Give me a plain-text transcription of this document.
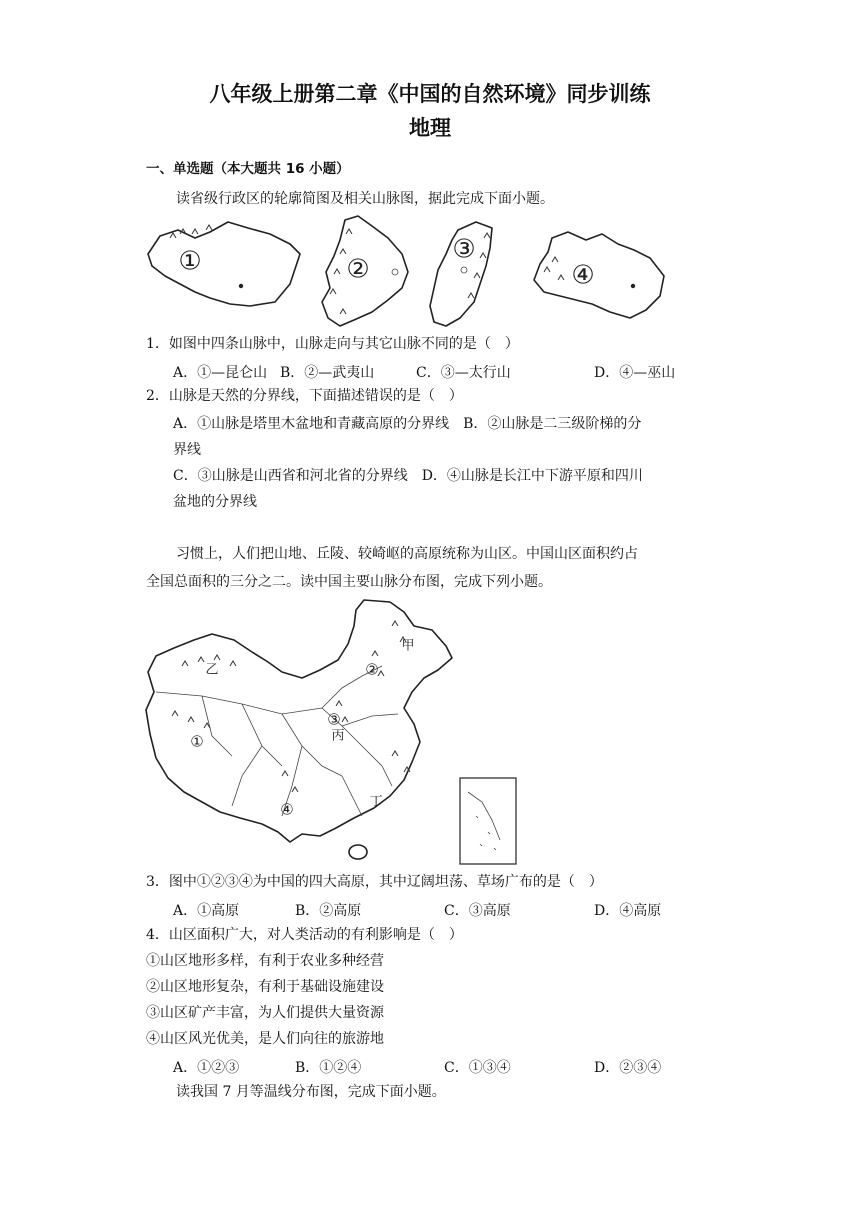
八年级上册第二章《中国的自然环境》同步训练
地理
一、单选题（本大题共 16 小题）
读省级行政区的轮廓简图及相关山脉图，据此完成下面小题。
①	②
③
④
1．如图中四条山脉中，山脉走向与其它山脉不同的是（　）
A．①—昆仑山 B．②—武夷山	C．③—太行山	D．④—巫山
2．山脉是天然的分界线，下面描述错误的是（　）
A．①山脉是塔里木盆地和青藏高原的分界线　B．②山脉是二三级阶梯的分
界线
C．③山脉是山西省和河北省的分界线　D．④山脉是长江中下游平原和四川
盆地的分界线
习惯上，人们把山地、丘陵、较崎岖的高原统称为山区。中国山区面积约占
全国总面积的三分之二。读中国主要山脉分布图，完成下列小题。
①
②
③
④
甲
乙
丙
丁
3．图中①②③④为中国的四大高原，其中辽阔坦荡、草场广布的是（　）
A．①高原	B．②高原	C．③高原	D．④高原
4．山区面积广大，对人类活动的有利影响是（　）
①山区地形多样，有利于农业多种经营
②山区地形复杂，有利于基础设施建设
③山区矿产丰富，为人们提供大量资源
④山区风光优美，是人们向往的旅游地
A．①②③	B．①②④	C．①③④	D．②③④
读我国 7 月等温线分布图，完成下面小题。
